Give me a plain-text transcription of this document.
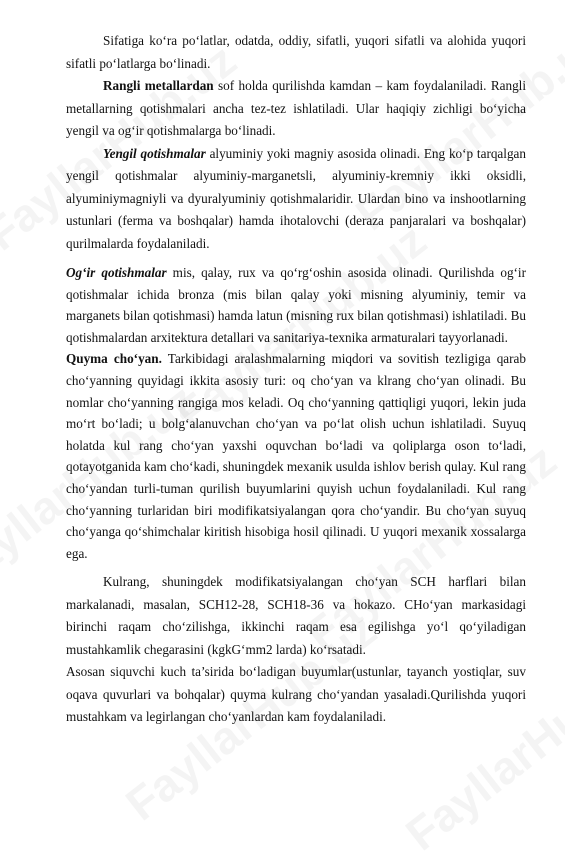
Sifatiga ko‘ra po‘latlar, odatda, oddiy, sifatli, yuqori sifatli va alohida yuqori sifatli po‘latlarga bo‘linadi.

Rangli metallardan sof holda qurilishda kamdan – kam foydalaniladi. Rangli metallarning qotishmalari ancha tez-tez ishlatiladi. Ular haqiqiy zichligi bo‘yicha yengil va og‘ir qotishmalarga bo‘linadi.

Yengil qotishmalar alyuminiy yoki magniy asosida olinadi. Eng ko‘p tarqalgan yengil qotishmalar alyuminiy-marganetsli, alyuminiy-kremniy ikki oksidli, alyuminiymagniyli va dyuralyuminiy qotishmalaridir. Ulardan bino va inshootlarning ustunlari (ferma va boshqalar) hamda ihotalovchi (deraza panjaralari va boshqalar) qurilmalarda foydalaniladi.

Og‘ir qotishmalar mis, qalay, rux va qo‘rg‘oshin asosida olinadi. Qurilishda og‘ir qotishmalar ichida bronza (mis bilan qalay yoki misning alyuminiy, temir va marganets bilan qotishmasi) hamda latun (misning rux bilan qotishmasi) ishlatiladi. Bu qotishmalardan arxitektura detallari va sanitariya-texnika armaturalari tayyorlanadi.

Quyma cho‘yan. Tarkibidagi aralashmalarning miqdori va sovitish tezligiga qarab cho‘yanning quyidagi ikkita asosiy turi: oq cho‘yan va klrang cho‘yan olinadi. Bu nomlar cho‘yanning rangiga mos keladi. Oq cho‘yanning qattiqligi yuqori, lekin juda mo‘rt bo‘ladi; u bolg‘alanuvchan cho‘yan va po‘lat olish uchun ishlatiladi. Suyuq holatda kul rang cho‘yan yaxshi oquvchan bo‘ladi va qoliplarga oson to‘ladi, qotayotganida kam cho‘kadi, shuningdek mexanik usulda ishlov berish qulay. Kul rang cho‘yandan turli-tuman qurilish buyumlarini quyish uchun foydalaniladi. Kul rang cho‘yanning turlaridan biri modifikatsiyalangan qora cho‘yandir. Bu cho‘yan suyuq cho‘yanga qo‘shimchalar kiritish hisobiga hosil qilinadi. U yuqori mexanik xossalarga ega.

Kulrang, shuningdek modifikatsiyalangan cho‘yan SCH harflari bilan markalanadi, masalan, SCH12-28, SCH18-36 va hokazo. CHo‘yan markasidagi birinchi raqam cho‘zilishga, ikkinchi raqam esa egilishga yo‘l qo‘yiladigan mustahkamlik chegarasini (kgkG‘mm2 larda) ko‘rsatadi.

Asosan siquvchi kuch ta’sirida bo‘ladigan buyumlar(ustunlar, tayanch yostiqlar, suv oqava quvurlari va bohqalar) quyma kulrang cho‘yandan yasaladi.Qurilishda yuqori mustahkam va legirlangan cho‘yanlardan kam foydalaniladi.
